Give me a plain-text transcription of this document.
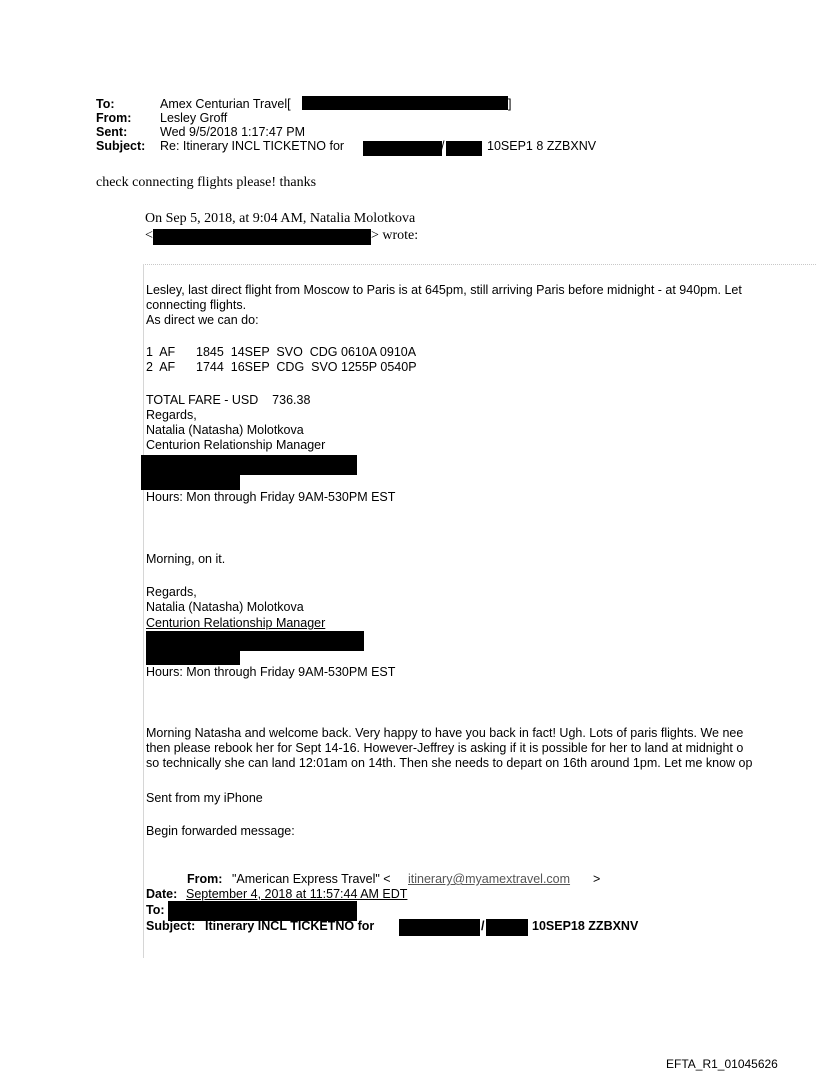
To:	Amex Centurian Travel[	]
From: Lesley Groff
Sent:	Wed 9/5/2018 1:17:47 PM
Subject: Re: Itinerary INCL TICKETNO for	/	10SEP1 8 ZZBXNV
check connecting flights please! thanks
On Sep 5, 2018, at 9:04 AM, Natalia Molotkova
<	> wrote:
Lesley, last direct flight from Moscow to Paris is at 645pm, still arriving Paris before midnight - at 940pm. Let
connecting flights.
As direct we can do:
1  AF      1845  14SEP  SVO  CDG 0610A 0910A
2  AF      1744  16SEP  CDG  SVO 1255P 0540P
TOTAL FARE - USD    736.38
Regards,
Natalia (Natasha) Molotkova
Centurion Relationship Manager
Hours: Mon through Friday 9AM-530PM EST
Morning, on it.
Regards,
Natalia (Natasha) Molotkova
Centurion Relationship Manager
Hours: Mon through Friday 9AM-530PM EST
Morning Natasha and welcome back. Very happy to have you back in fact! Ugh. Lots of paris flights. We nee
then please rebook her for Sept 14-16. However-Jeffrey is asking if it is possible for her to land at midnight o
so technically she can land 12:01am on 14th. Then she needs to depart on 16th around 1pm. Let me know op
Sent from my iPhone
Begin forwarded message:
From: "American Express Travel" < itinerary@myamextravel.com >
Date: September 4, 2018 at 11:57:44 AM EDT
To:
Subject: Itinerary INCL TICKETNO for	/	10SEP18 ZZBXNV
EFTA_R1_01045626
